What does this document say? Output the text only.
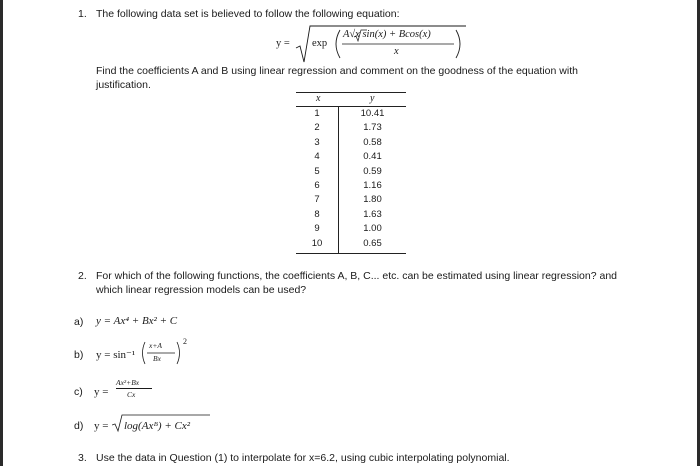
1. The following data set is believed to follow the following equation:
y = exp
A√x sin(x) + Bcos(x)
x
Find the coefficients A and B using linear regression and comment on the goodness of the equation with
justification.
x	y
1	10.41
2	1.73
3	0.58
4	0.41
5	0.59
6	1.16
7	1.80
8	1.63
9	1.00
10	0.65
2. For which of the following functions, the coefficients A, B, C... etc. can be estimated using linear regression? and
which linear regression models can be used?
a) y = Ax⁴ + Bx² + C
b) y = sin⁻¹
x+A
Bx
2
c) y =
Ax²+Bx
Cx
d) y = log(Axᴮ) + Cx²
3. Use the data in Question (1) to interpolate for x=6.2, using cubic interpolating polynomial.
